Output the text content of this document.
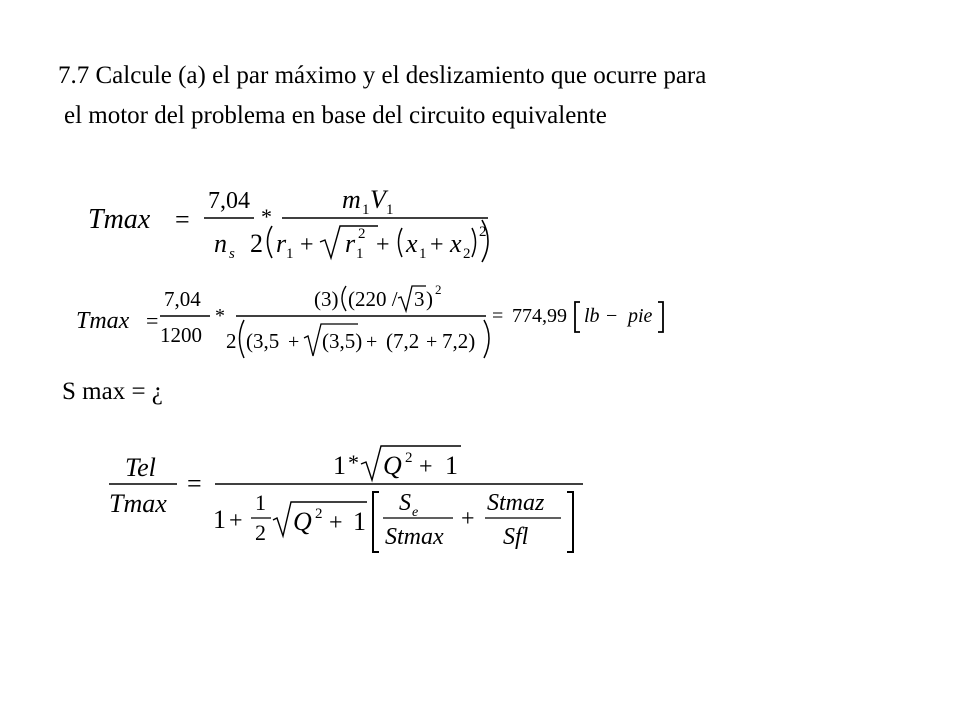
7.7 Calcule (a) el par máximo y el deslizamiento que ocurre para
el motor del problema en base del circuito equivalente
Tmax =
7,04
n s
*
m 1 V 1
2 r 1 + r 1
2 + x 1 + x 2
2
Tmax =
7,04
1200
*
(3) (220 / 3 ) 2
2 (3,5 + (3,5) + (7,2 + 7,2)
= 774,99 lb − pie
S max = ¿
Tel
Tmax
=
1 * Q 2 + 1
1 +
1
2 Q 2 + 1
S e
Stmax
+
Stmaz
Sfl
